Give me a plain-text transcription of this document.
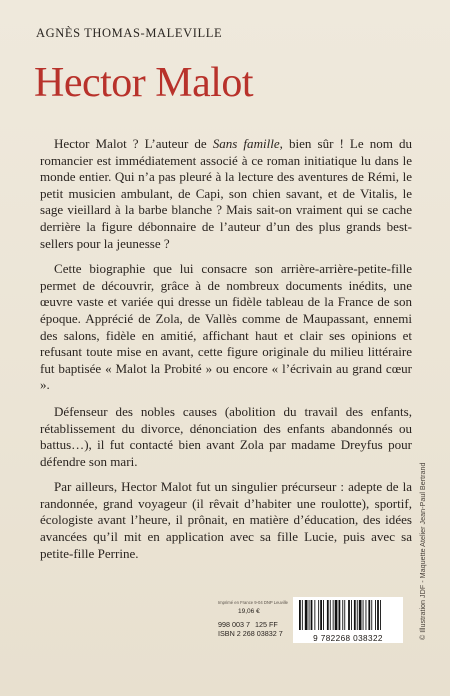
AGNÈS THOMAS-MALEVILLE
Hector Malot

Hector Malot ? L’auteur de Sans famille, bien sûr ! Le nom du romancier est immédiatement associé à ce roman initiatique lu dans le monde entier. Qui n’a pas pleuré à la lecture des aventures de Rémi, le petit musicien ambulant, de Capi, son chien savant, et de Vitalis, le sage vieillard à la barbe blanche ? Mais sait-on vraiment qui se cache derrière la figure débonnaire de l’auteur d’un des plus grands best-sellers pour la jeunesse ?

Cette biographie que lui consacre son arrière-arrière-petite-fille permet de découvrir, grâce à de nombreux documents inédits, une œuvre vaste et variée qui dresse un fidèle tableau de la France de son époque. Apprécié de Zola, de Vallès comme de Maupassant, ennemi des salons, fidèle en amitié, affichant haut et clair ses opinions et refusant toute mise en avant, cette figure originale du milieu littéraire fut baptisée « Malot la Probité » ou encore « l’écrivain au grand cœur ».

Défenseur des nobles causes (abolition du travail des enfants, rétablissement du divorce, dénonciation des enfants abandonnés ou battus…), il fut contacté bien avant Zola par madame Dreyfus pour défendre son mari.

Par ailleurs, Hector Malot fut un singulier précurseur : adepte de la randonnée, grand voyageur (il rêvait d’habiter une roulotte), sportif, écologiste avant l’heure, il prônait, en matière d’éducation, des idées avancées qu’il mit en application avec sa fille Lucie, puis avec sa petite-fille Perrine.	© Illustration JDF - Maquette Atelier Jean-Paul Bertrand
Imprimé en France 9-04 DNP Leuville
19,06 €
998 003 7 125 FF
ISBN 2 268 03832 7
9 782268 038322
